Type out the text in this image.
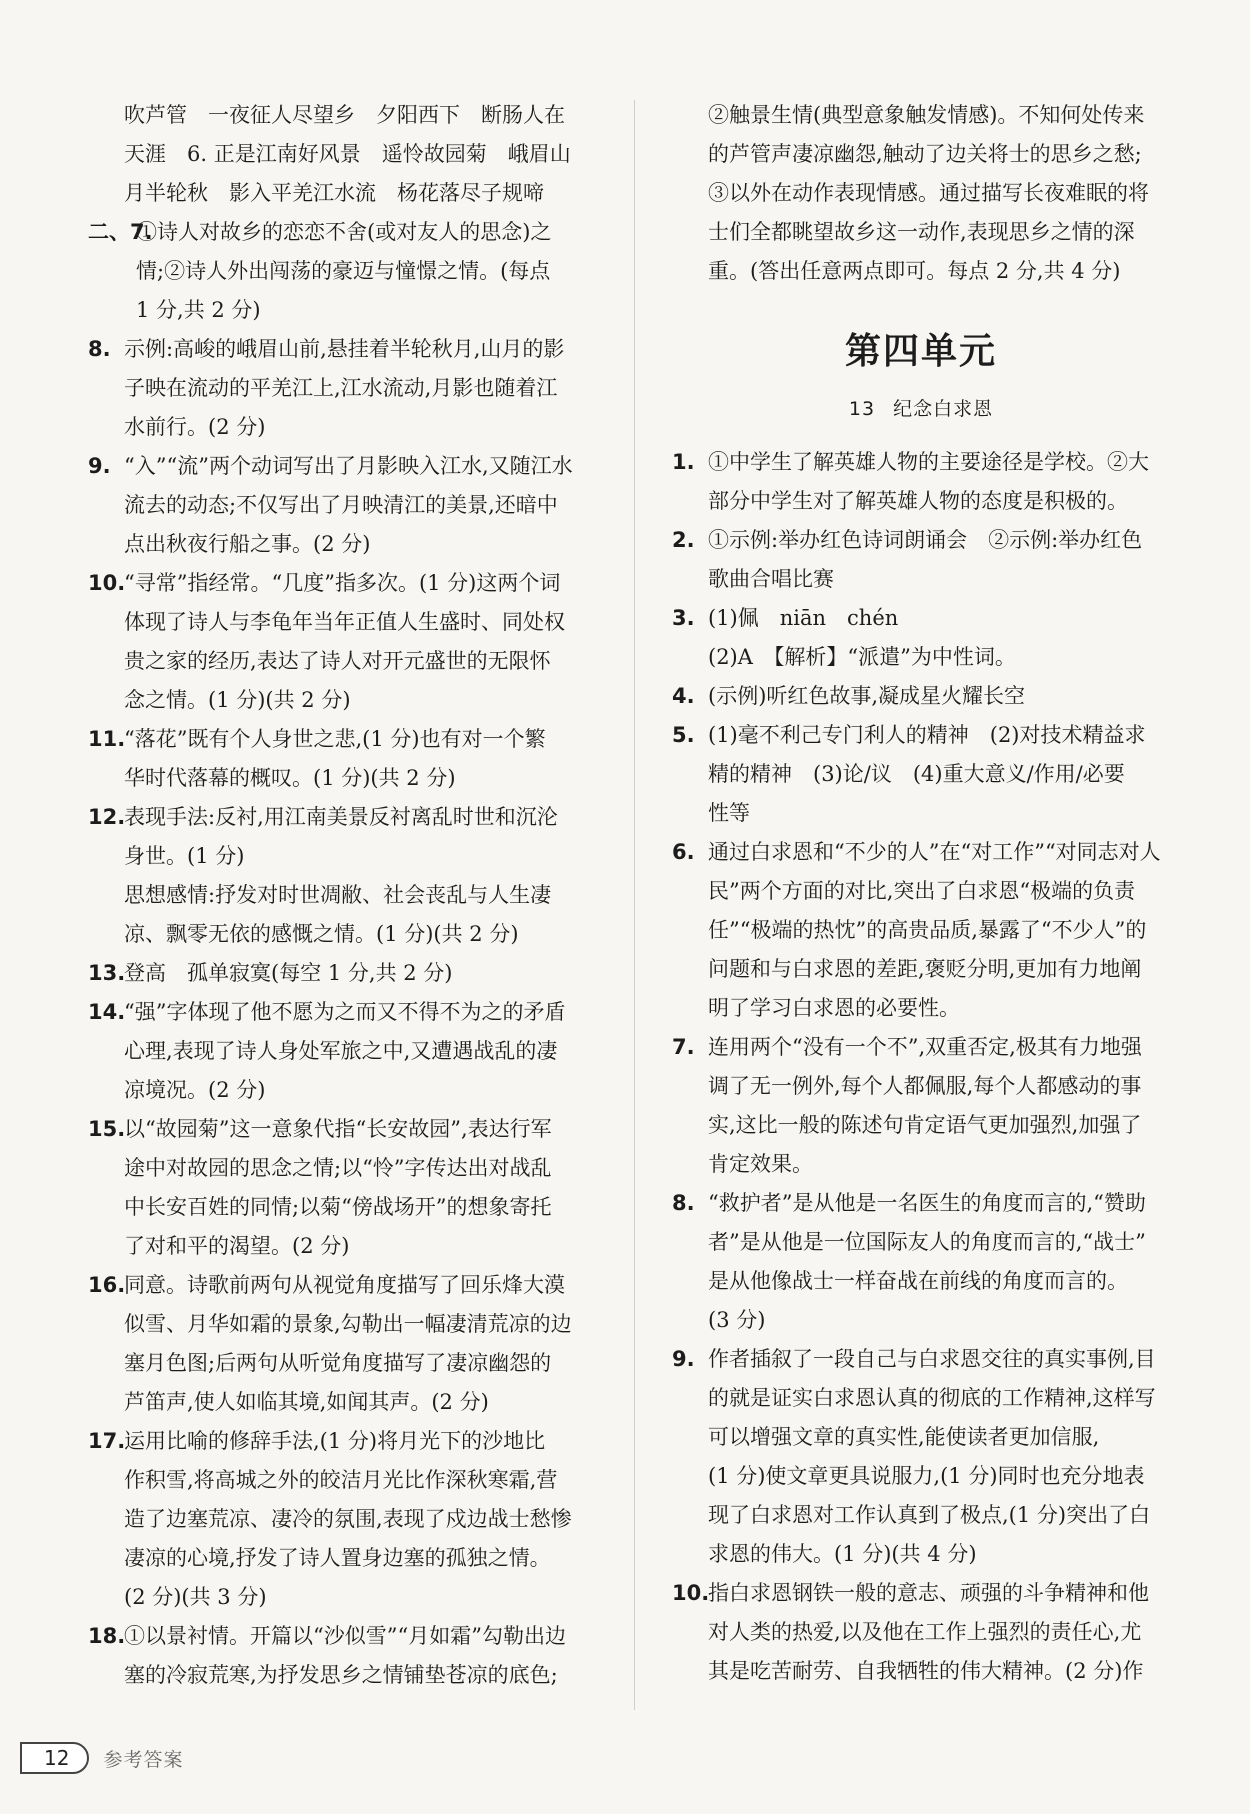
吹芦管　一夜征人尽望乡　夕阳西下　断肠人在

天涯　6. 正是江南好风景　遥怜故园菊　峨眉山

月半轮秋　影入平羌江水流　杨花落尽子规啼

二、7.
①诗人对故乡的恋恋不舍(或对友人的思念)之

情;②诗人外出闯荡的豪迈与憧憬之情。(每点

1 分,共 2 分)

8. 示例:高峻的峨眉山前,悬挂着半轮秋月,山月的影

子映在流动的平羌江上,江水流动,月影也随着江

水前行。(2 分)

9. “入”“流”两个动词写出了月影映入江水,又随江水

流去的动态;不仅写出了月映清江的美景,还暗中

点出秋夜行船之事。(2 分)

10.
“寻常”指经常。“几度”指多次。(1 分)这两个词

体现了诗人与李龟年当年正值人生盛时、同处权

贵之家的经历,表达了诗人对开元盛世的无限怀

念之情。(1 分)(共 2 分)

11.
“落花”既有个人身世之悲,(1 分)也有对一个繁

华时代落幕的概叹。(1 分)(共 2 分)

12.
表现手法:反衬,用江南美景反衬离乱时世和沉沦

身世。(1 分)

思想感情:抒发对时世凋敝、社会丧乱与人生凄

凉、飘零无依的感慨之情。(1 分)(共 2 分)

13.
登高　孤单寂寞(每空 1 分,共 2 分)

14.
“强”字体现了他不愿为之而又不得不为之的矛盾

心理,表现了诗人身处军旅之中,又遭遇战乱的凄

凉境况。(2 分)

15.
以“故园菊”这一意象代指“长安故园”,表达行军

途中对故园的思念之情;以“怜”字传达出对战乱

中长安百姓的同情;以菊“傍战场开”的想象寄托

了对和平的渴望。(2 分)

16.
同意。诗歌前两句从视觉角度描写了回乐烽大漠

似雪、月华如霜的景象,勾勒出一幅凄清荒凉的边

塞月色图;后两句从听觉角度描写了凄凉幽怨的

芦笛声,使人如临其境,如闻其声。(2 分)

17.
运用比喻的修辞手法,(1 分)将月光下的沙地比

作积雪,将高城之外的皎洁月光比作深秋寒霜,营

造了边塞荒凉、凄冷的氛围,表现了戍边战士愁惨

凄凉的心境,抒发了诗人置身边塞的孤独之情。

(2 分)(共 3 分)

18.
①以景衬情。开篇以“沙似雪”“月如霜”勾勒出边

塞的冷寂荒寒,为抒发思乡之情铺垫苍凉的底色;

②触景生情(典型意象触发情感)。不知何处传来

的芦管声凄凉幽怨,触动了边关将士的思乡之愁;

③以外在动作表现情感。通过描写长夜难眠的将

士们全都眺望故乡这一动作,表现思乡之情的深

重。(答出任意两点即可。每点 2 分,共 4 分)

第四单元
13 纪念白求恩

1. ①中学生了解英雄人物的主要途径是学校。②大

部分中学生对了解英雄人物的态度是积极的。

2. ①示例:举办红色诗词朗诵会　②示例:举办红色

歌曲合唱比赛

3. (1)佩　niān　chén

(2)A　【解析】“派遣”为中性词。

4. (示例)听红色故事,凝成星火耀长空

5. (1)毫不利己专门利人的精神　(2)对技术精益求

精的精神　(3)论/议　(4)重大意义/作用/必要

性等

6. 通过白求恩和“不少的人”在“对工作”“对同志对人

民”两个方面的对比,突出了白求恩“极端的负责

任”“极端的热忱”的高贵品质,暴露了“不少人”的

问题和与白求恩的差距,褒贬分明,更加有力地阐

明了学习白求恩的必要性。

7. 连用两个“没有一个不”,双重否定,极其有力地强

调了无一例外,每个人都佩服,每个人都感动的事

实,这比一般的陈述句肯定语气更加强烈,加强了

肯定效果。

8. “救护者”是从他是一名医生的角度而言的,“赞助

者”是从他是一位国际友人的角度而言的,“战士”

是从他像战士一样奋战在前线的角度而言的。

(3 分)

9. 作者插叙了一段自己与白求恩交往的真实事例,目

的就是证实白求恩认真的彻底的工作精神,这样写

可以增强文章的真实性,能使读者更加信服,

(1 分)使文章更具说服力,(1 分)同时也充分地表

现了白求恩对工作认真到了极点,(1 分)突出了白

求恩的伟大。(1 分)(共 4 分)

10.
指白求恩钢铁一般的意志、顽强的斗争精神和他

对人类的热爱,以及他在工作上强烈的责任心,尤

其是吃苦耐劳、自我牺牲的伟大精神。(2 分)作

12	参考答案
